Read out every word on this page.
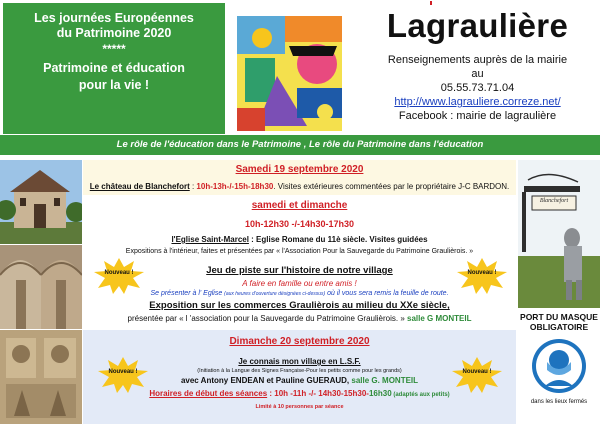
Les journées Européennes
du Patrimoine 2020
*****
Patrimoine et éducation
pour la vie !
Lagraulière
Renseignements auprès de la mairie
au
05.55.73.71.04
http://www.lagrauliere.correze.net/
Facebook : mairie de lagraulière
Le rôle de l'éducation dans le Patrimoine , Le rôle du Patrimoine dans l'éducation
Samedi 19 septembre 2020
Le château de Blanchefort : 10h-13h-/-15h-18h30. Visites extérieures commentées par le propriétaire J-C BARDON.
samedi et dimanche
10h-12h30 -/-14h30-17h30
l'Eglise Saint-Marcel : Eglise Romane du 11è siècle. Visites guidées
Expositions à l'intérieur, faites et présentées par « l'Association Pour la Sauvegarde du Patrimoine Graulièrois. »
Jeu de piste sur l'histoire de notre village
A faire en famille ou entre amis !
Se présenter à l' Eglise (aux heures d'ouverture désignées ci-dessus) où il vous sera remis la feuille de route.
Exposition sur les commerces Graulièrois au milieu du XXe siècle,
présentée par « l 'association pour la Sauvegarde du Patrimoine Graulièrois. » salle G MONTEIL
Dimanche 20 septembre 2020
Je connais mon village en L.S.F.
(Initiation à la Langue des Signes Française-Pour les petits comme pour les grands)
avec Antony ENDEAN et Pauline GUERAUD, salle G. MONTEIL
Horaires de début des séances : 10h -11h -/- 14h30-15h30-16h30 (adaptés aux petits)
Limité à 10 personnes par séance
Nouveau !	Nouveau !
Nouveau !	Nouveau !
Blanchefort
PORT DU MASQUE
OBLIGATOIRE
dans les lieux fermés
